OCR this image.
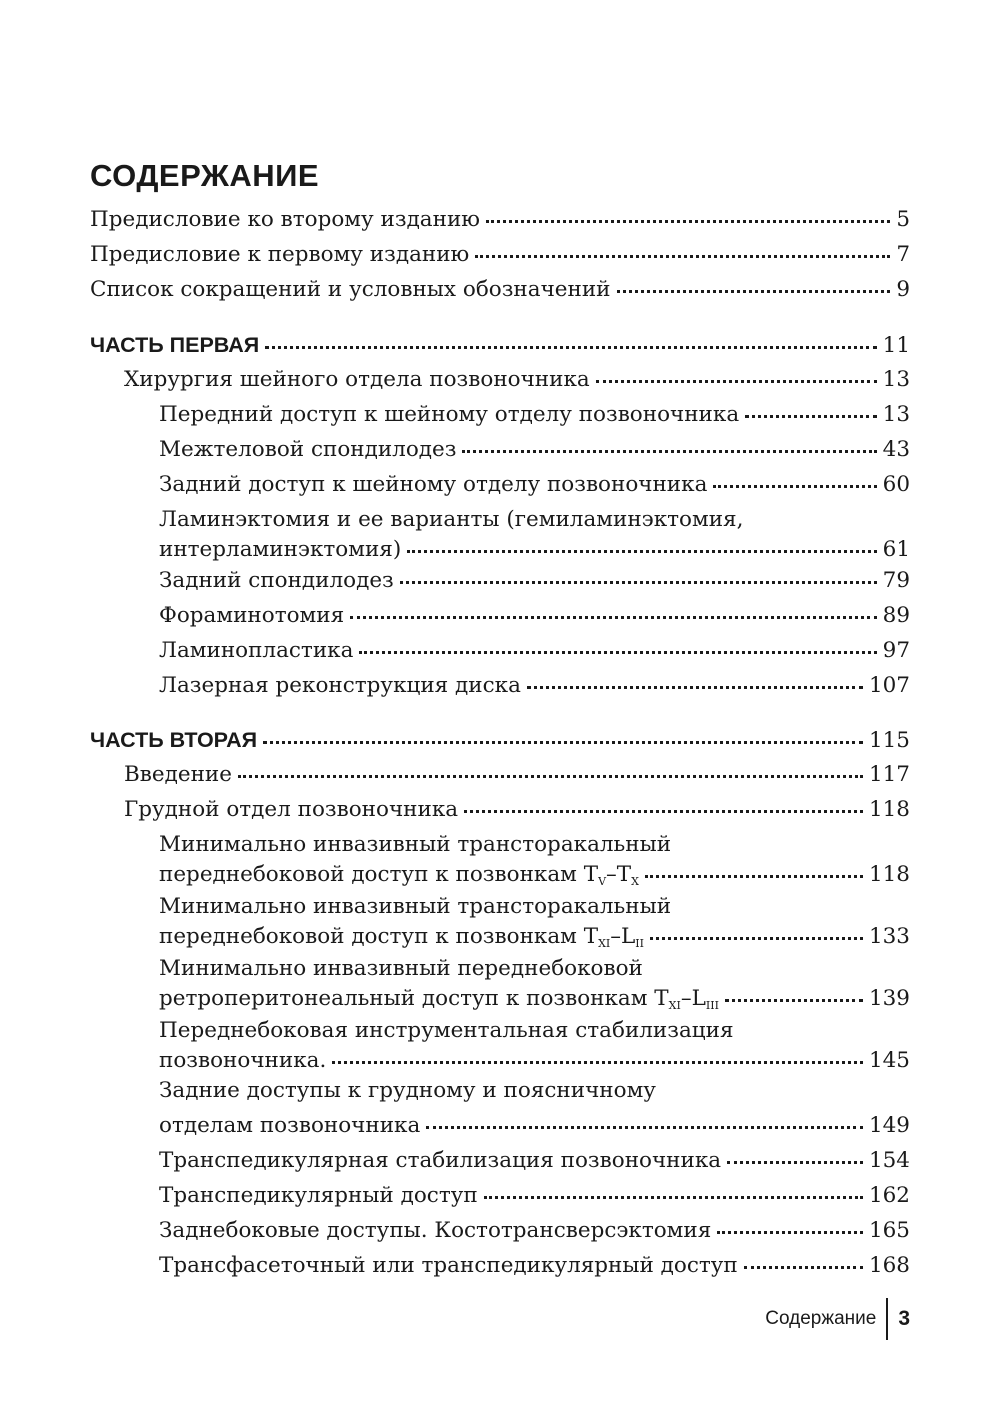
СОДЕРЖАНИЕ
Предисловие ко второму изданию	5
Предисловие к первому изданию	7
Список сокращений и условных обозначений	9
ЧАСТЬ ПЕРВАЯ	11
Хирургия шейного отдела позвоночника	13
Передний доступ к шейному отделу позвоночника	13
Межтеловой спондилодез	43
Задний доступ к шейному отделу позвоночника	60
Ламинэктомия и ее варианты (гемиламинэктомия,
интерламинэктомия)	61
Задний спондилодез	79
Фораминотомия	89
Ламинопластика	97
Лазерная реконструкция диска	107
ЧАСТЬ ВТОРАЯ	115
Введение	117
Грудной отдел позвоночника	118
Минимально инвазивный трансторакальный
переднебоковой доступ к позвонкам $T_V-T_X$	118
Минимально инвазивный трансторакальный
переднебоковой доступ к позвонкам $T_{XI}-L_{II}$	133
Минимально инвазивный переднебоковой
ретроперитонеальный доступ к позвонкам $T_{XI}-L_{III}$	139
Переднебоковая инструментальная стабилизация
позвоночника.	145
Задние доступы к грудному и поясничному
отделам позвоночника	149
Транспедикулярная стабилизация позвоночника	154
Транспедикулярный доступ	162
Заднебоковые доступы. Костотрансверсэктомия	165
Трансфасеточный или транспедикулярный доступ	168
Содержание	3
